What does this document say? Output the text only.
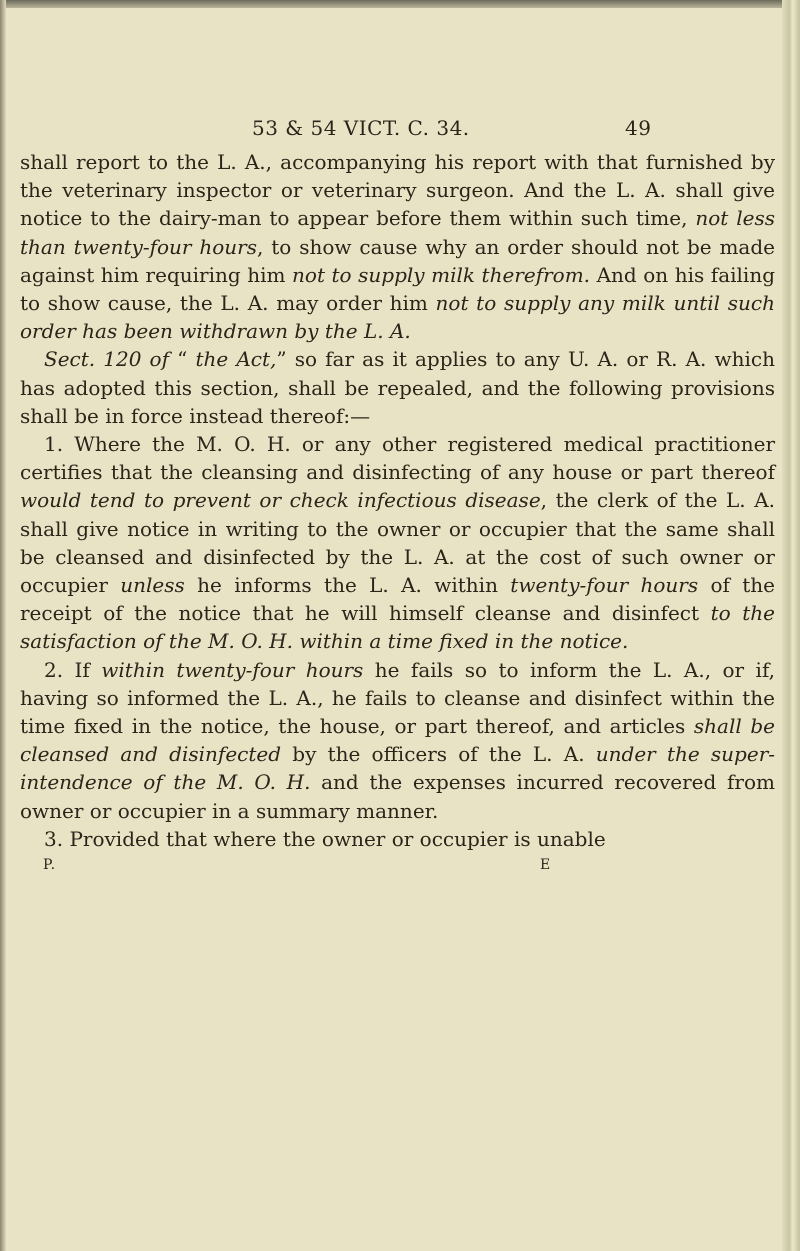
53 & 54 VICT. C. 34.	49

shall report to the L. A., accompanying his report with that furnished by the veterinary inspector or veterinary surgeon. And the L. A. shall give notice to the dairy-man to appear before them within such time, not less than twenty-four hours, to show cause why an order should not be made against him requiring him not to supply milk therefrom. And on his failing to show cause, the L. A. may order him not to supply any milk until such order has been withdrawn by the L. A.

Sect. 120 of “ the Act,” so far as it applies to any U. A. or R. A. which has adopted this section, shall be repealed, and the following provisions shall be in force instead thereof:—

1. Where the M. O. H. or any other registered medical practitioner certifies that the cleansing and disinfecting of any house or part thereof would tend to prevent or check infectious disease, the clerk of the L. A. shall give notice in writing to the owner or occupier that the same shall be cleansed and disinfected by the L. A. at the cost of such owner or occupier unless he informs the L. A. within twenty-four hours of the receipt of the notice that he will himself cleanse and disinfect to the satisfaction of the M. O. H. within a time fixed in the notice.

2. If within twenty-four hours he fails so to inform the L. A., or if, having so informed the L. A., he fails to cleanse and disinfect within the time fixed in the notice, the house, or part thereof, and articles shall be cleansed and disinfected by the officers of the L. A. under the super-intendence of the M. O. H. and the expenses incurred recovered from owner or occupier in a summary manner.

3. Provided that where the owner or occupier is unable

P.	E
